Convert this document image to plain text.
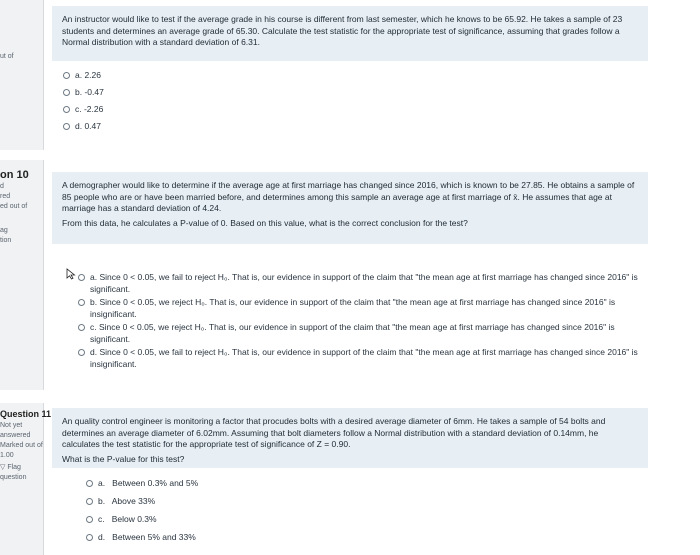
ut of
on 10
d
red
ed out of
ag
tion
Question 11
Not yet
answered
Marked out of
1.00
▽ Flag
question

An instructor would like to test if the average grade in his course is different from last semester, which he knows to be 65.92. He takes a sample of 23 students and determines an average grade of 65.30. Calculate the test statistic for the appropriate test of significance, assuming that grades follow a Normal distribution with a standard deviation of 6.31.

a. 2.26
b. -0.47
c. -2.26
d. 0.47

A demographer would like to determine if the average age at first marriage has changed since 2016, which is known to be 27.85. He obtains a sample of 85 people who are or have been married before, and determines among this sample an average age at first marriage of x̄. He assumes that age at marriage has a standard deviation of 4.24.

From this data, he calculates a P-value of 0. Based on this value, what is the correct conclusion for the test?

a. Since 0 < 0.05, we fail to reject H₀. That is, our evidence in support of the claim that "the mean age at first marriage has changed since 2016" is significant.
b. Since 0 < 0.05, we reject H₀. That is, our evidence in support of the claim that "the mean age at first marriage has changed since 2016" is insignificant.
c. Since 0 < 0.05, we reject H₀. That is, our evidence in support of the claim that "the mean age at first marriage has changed since 2016" is significant.
d. Since 0 < 0.05, we fail to reject H₀. That is, our evidence in support of the claim that "the mean age at first marriage has changed since 2016" is insignificant.

An quality control engineer is monitoring a factor that procudes bolts with a desired average diameter of 6mm. He takes a sample of 54 bolts and determines an average diameter of 6.02mm. Assuming that bolt diameters follow a Normal distribution with a standard deviation of 0.14mm, he calculates the test statistic for the appropriate test of significance of Z = 0.90.

What is the P-value for this test?

a.   Between 0.3% and 5%
b.   Above 33%
c.   Below 0.3%
d.   Between 5% and 33%
